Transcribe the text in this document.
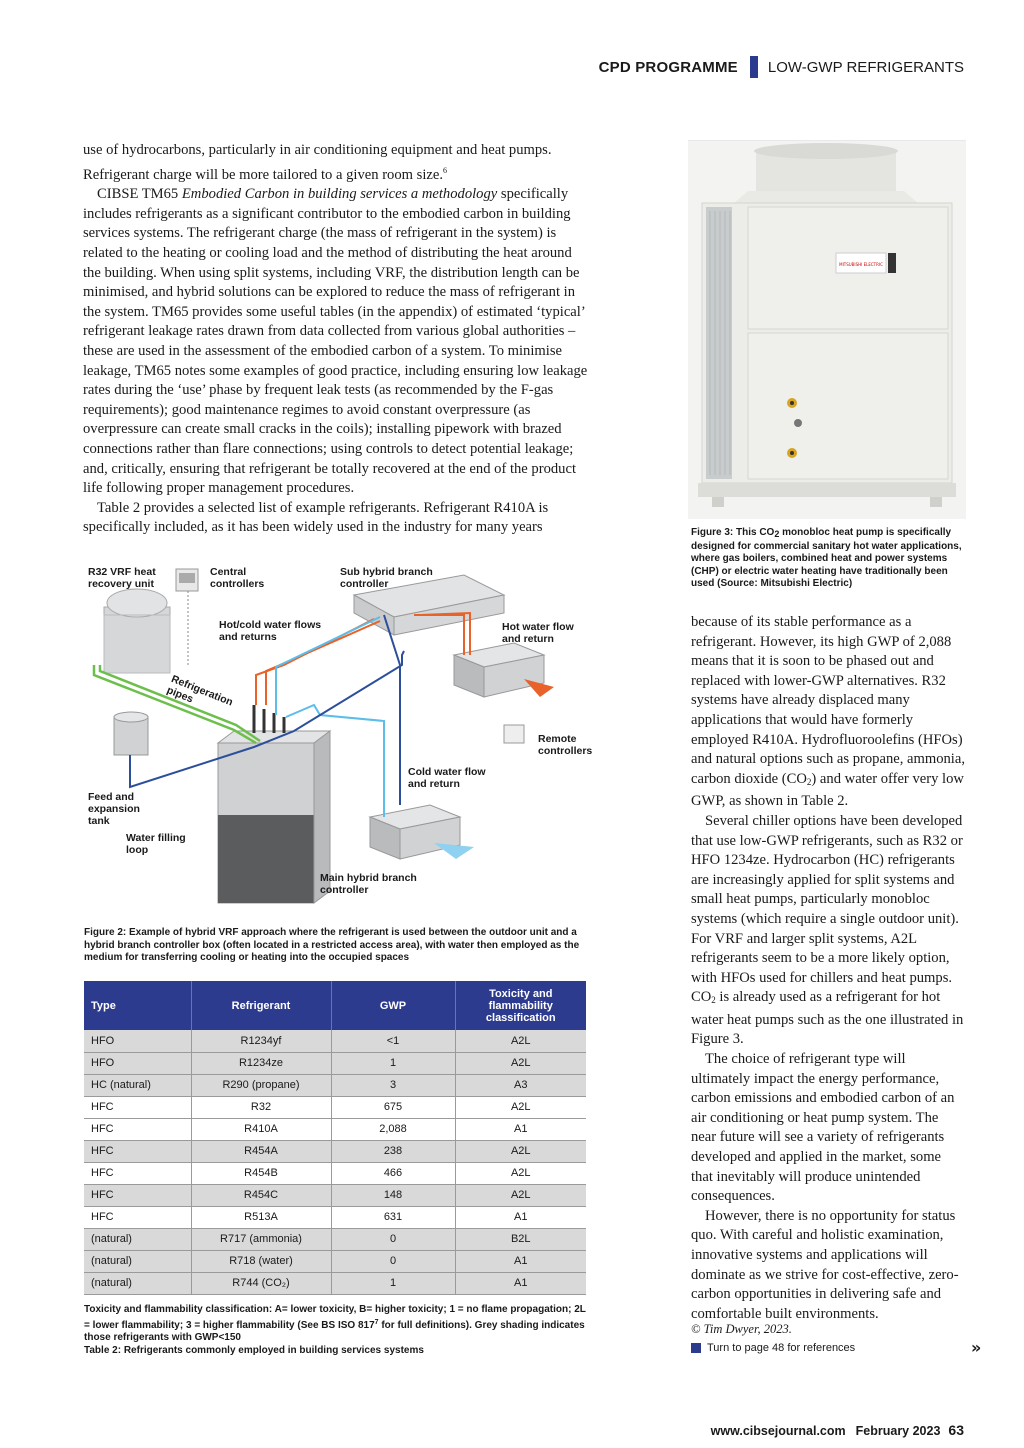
CPD PROGRAMME LOW-GWP REFRIGERANTS

use of hydrocarbons, particularly in air conditioning equipment and heat pumps. Refrigerant charge will be more tailored to a given room size.$^6$

CIBSE TM65 Embodied Carbon in building services a methodology specifically includes refrigerants as a significant contributor to the embodied carbon in building services systems. The refrigerant charge (the mass of refrigerant in the system) is related to the heating or cooling load and the method of distributing the heat around the building. When using split systems, including VRF, the distribution length can be minimised, and hybrid solutions can be explored to reduce the mass of refrigerant in the system. TM65 provides some useful tables (in the appendix) of estimated ‘typical’ refrigerant leakage rates drawn from data collected from various global authorities – these are used in the assessment of the embodied carbon of a system. To minimise leakage, TM65 notes some examples of good practice, including ensuring low leakage rates during the ‘use’ phase by frequent leak tests (as recommended by the F-gas requirements); good maintenance regimes to avoid constant overpressure (as overpressure can create small cracks in the coils); installing pipework with brazed connections rather than flare connections; using controls to detect potential leakage; and, critically, ensuring that refrigerant be totally recovered at the end of the product life following proper management procedures.

Table 2 provides a selected list of example refrigerants. Refrigerant R410A is specifically included, as it has been widely used in the industry for many years

MITSUBISHI ELECTRIC
Figure 3: This CO2 monobloc heat pump is specifically designed for commercial sanitary hot water applications, where gas boilers, combined heat and power systems (CHP) or electric water heating have traditionally been used (Source: Mitsubishi Electric)
R32 VRF heat recovery unit
Central controllers
Sub hybrid branch controller
Hot/cold water flows and returns
Hot water flow and return
Refrigeration pipes
Remote controllers
Cold water flow and return
Feed and expansion tank
Water filling loop
Main hybrid branch controller
Figure 2: Example of hybrid VRF approach where the refrigerant is used between the outdoor unit and a hybrid branch controller box (often located in a restricted access area), with water then employed as the medium for transferring cooling or heating into the occupied spaces
Type	Refrigerant	GWP	Toxicity and flammability classification
HFO	R1234yf	<1	A2L
HFO	R1234ze	1	A2L
HC (natural)	R290 (propane)	3	A3
HFC	R32	675	A2L
HFC	R410A	2,088	A1
HFC	R454A	238	A2L
HFC	R454B	466	A2L
HFC	R454C	148	A2L
HFC	R513A	631	A1
(natural)	R717 (ammonia)	0	B2L
(natural)	R718 (water)	0	A1
(natural)	R744 (CO₂)	1	A1
Toxicity and flammability classification: A= lower toxicity, B= higher toxicity; 1 = no flame propagation; 2L = lower flammability; 3 = higher flammability (See BS ISO $817^7$ for full definitions). Grey shading indicates those refrigerants with GWP<150
Table 2: Refrigerants commonly employed in building services systems

because of its stable performance as a refrigerant. However, its high GWP of 2,088 means that it is soon to be phased out and replaced with lower-GWP alternatives. R32 systems have already displaced many applications that would have formerly employed R410A. Hydrofluoroolefins (HFOs) and natural options such as propane, ammonia, carbon dioxide $(CO_2)$ and water offer very low GWP, as shown in Table 2.

Several chiller options have been developed that use low-GWP refrigerants, such as R32 or HFO 1234ze. Hydrocarbon (HC) refrigerants are increasingly applied for split systems and small heat pumps, particularly monobloc systems (which require a single outdoor unit). For VRF and larger split systems, A2L refrigerants seem to be a more likely option, with HFOs used for chillers and heat pumps. $CO_2$ is already used as a refrigerant for hot water heat pumps such as the one illustrated in Figure 3.

The choice of refrigerant type will ultimately impact the energy performance, carbon emissions and embodied carbon of an air conditioning or heat pump system. The near future will see a variety of refrigerants developed and applied in the market, some that inevitably will produce unintended consequences.

However, there is no opportunity for status quo. With careful and holistic examination, innovative systems and applications will dominate as we strive for cost-effective, zero-carbon opportunities in delivering safe and comfortable built environments.

© Tim Dwyer, 2023.
Turn to page 48 for references	»
www.cibsejournal.com February 2023 63
